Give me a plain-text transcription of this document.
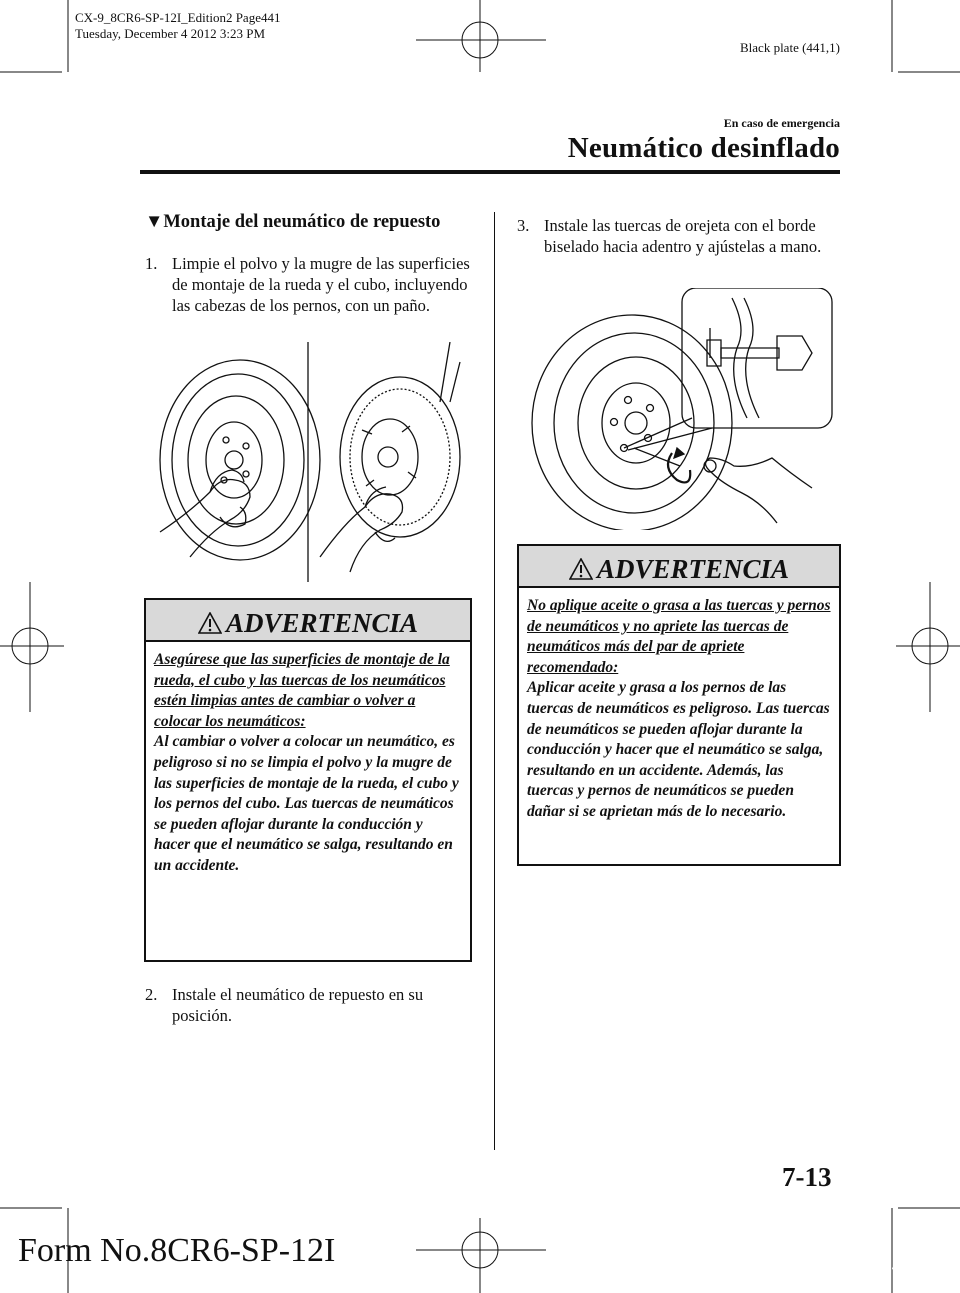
CX-9_8CR6-SP-12I_Edition2 Page441
Tuesday, December 4 2012 3:23 PM
Black plate (441,1)
En caso de emergencia
Neumático desinflado
▼Montaje del neumático de repuesto
1. Limpie el polvo y la mugre de las superficies de montaje de la rueda y el cubo, incluyendo las cabezas de los pernos, con un paño.
ADVERTENCIA
Asegúrese que las superficies de montaje de la rueda, el cubo y las tuercas de los neumáticos estén limpias antes de cambiar o volver a colocar los neumáticos:
Al cambiar o volver a colocar un neumático, es peligroso si no se limpia el polvo y la mugre de las superficies de montaje de la rueda, el cubo y los pernos del cubo. Las tuercas de neumáticos se pueden aflojar durante la conducción y hacer que el neumático se salga, resultando en un accidente.
2. Instale el neumático de repuesto en su posición.
3. Instale las tuercas de orejeta con el borde biselado hacia adentro y ajústelas a mano.
ADVERTENCIA
No aplique aceite o grasa a las tuercas y pernos de neumáticos y no apriete las tuercas de neumáticos más del par de apriete recomendado:
Aplicar aceite y grasa a los pernos de las tuercas de neumáticos es peligroso. Las tuercas de neumáticos se pueden aflojar durante la conducción y hacer que el neumático se salga, resultando en un accidente. Además, las tuercas y pernos de neumáticos se pueden dañar si se aprietan más de lo necesario.
7-13
Form No.8CR6-SP-12I
carmanualsonline.info
